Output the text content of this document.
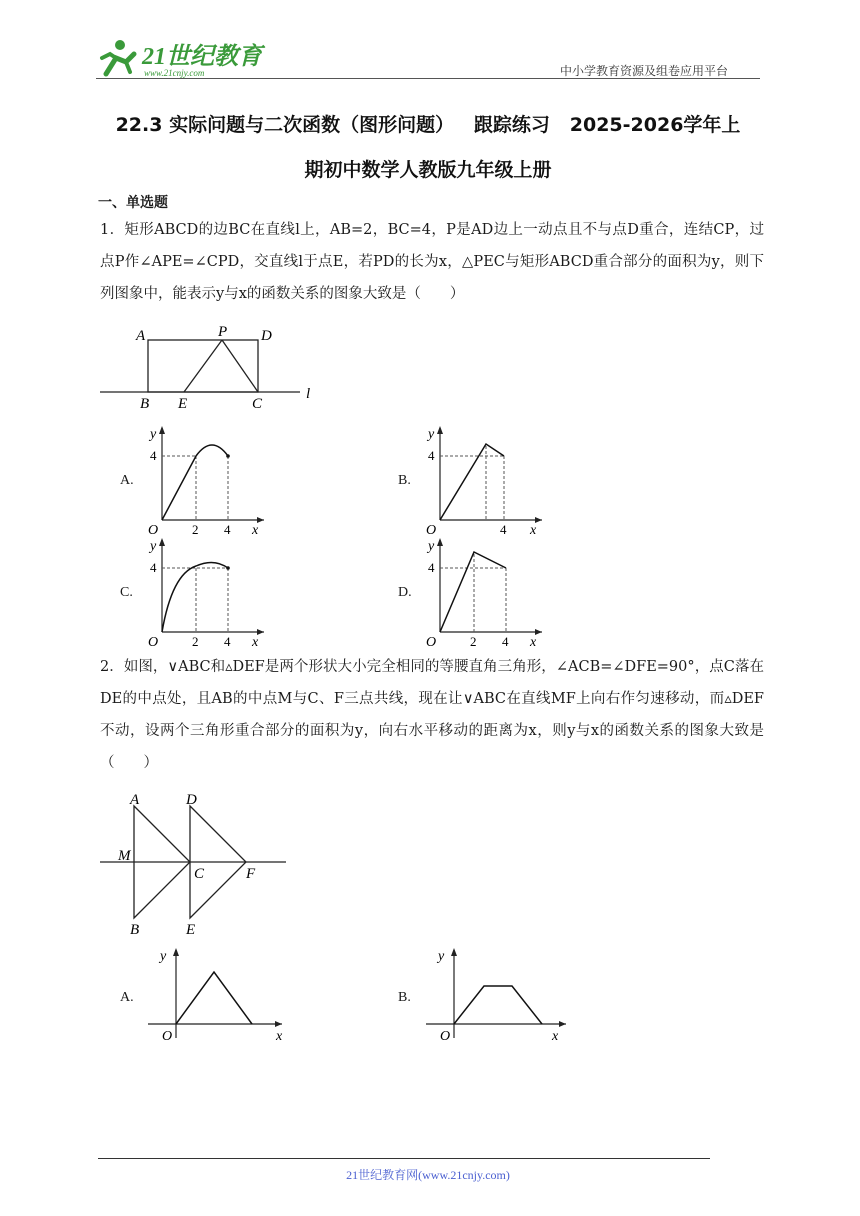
21世纪教育
www.21cnjy.com	中小学教育资源及组卷应用平台
22.3 实际问题与二次函数（图形问题）   跟踪练习   2025-2026学年上
期初中数学人教版九年级上册
一、单选题
1．矩形ABCD的边BC在直线l上，AB=2，BC=4，P是AD边上一动点且不与点D重合，连结CP，过点P作∠APE=∠CPD，交直线l于点E，若PD的长为x，△PEC与矩形ABCD重合部分的面积为y，则下列图象中，能表示y与x的函数关系的图象大致是（　　）
A	P D
B E	C
l
A.
y
4
O	2 4 x
B.
y
4
O	4 x
C.
y
4
O	2 4 x
D.
y
4
O	2 4 x
2．如图，∨ABC和▵DEF是两个形状大小完全相同的等腰直角三角形，∠ACB=∠DFE=90°，点C落在DE的中点处，且AB的中点M与C、F三点共线，现在让∨ABC在直线MF上向右作匀速移动，而▵DEF不动，设两个三角形重合部分的面积为y，向右水平移动的距离为x，则y与x的函数关系的图象大致是（　　）
A	D
M
C	F
B	E
A.
y
O	x
B.
y
O	x
21世纪教育网(www.21cnjy.com)
